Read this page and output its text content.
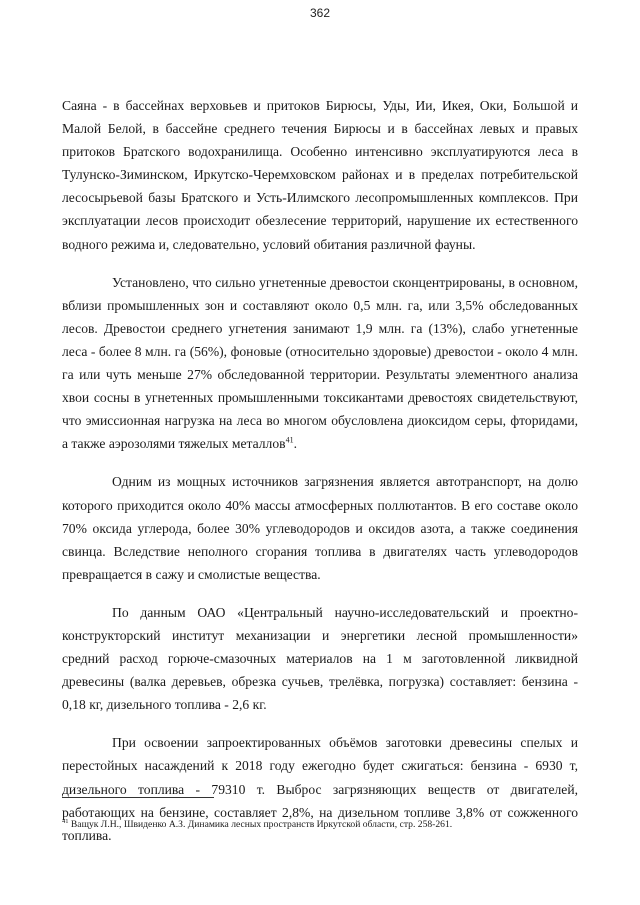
362

Саяна - в бассейнах верховьев и притоков Бирюсы, Уды, Ии, Икея, Оки, Большой и Малой Белой, в бассейне среднего течения Бирюсы и в бассейнах левых и правых притоков Братского водохранилища. Особенно интенсивно эксплуатируются леса в Тулунско-Зиминском, Иркутско-Черемховском районах и в пределах потребительской лесосырьевой базы Братского и Усть-Илимского лесопромышленных комплексов. При эксплуатации лесов происходит обезлесение территорий, нарушение их естественного водного режима и, следовательно, условий обитания различной фауны.

Установлено, что сильно угнетенные древостои сконцентрированы, в основном, вблизи промышленных зон и составляют около 0,5 млн. га, или 3,5% обследованных лесов. Древостои среднего угнетения занимают 1,9 млн. га (13%), слабо угнетенные леса - более 8 млн. га (56%), фоновые (относительно здоровые) древостои - около 4 млн. га или чуть меньше 27% обследованной территории. Результаты элементного анализа хвои сосны в угнетенных промышленными токсикантами древостоях свидетельствуют, что эмиссионная нагрузка на леса во многом обусловлена диоксидом серы, фторидами, а также аэрозолями тяжелых металлов$^{41}$.

Одним из мощных источников загрязнения является автотранспорт, на долю которого приходится около 40% массы атмосферных поллютантов. В его составе около 70% оксида углерода, более 30% углеводородов и оксидов азота, а также соединения свинца. Вследствие неполного сгорания топлива в двигателях часть углеводородов превращается в сажу и смолистые вещества.

По данным ОАО «Центральный научно-исследовательский и проектно-конструкторский институт механизации и энергетики лесной промышленности» средний расход горюче-смазочных материалов на 1 м заготовленной ликвидной древесины (валка деревьев, обрезка сучьев, трелёвка, погрузка) составляет: бензина - 0,18 кг, дизельного топлива - 2,6 кг.

При освоении запроектированных объёмов заготовки древесины спелых и перестойных насаждений к 2018 году ежегодно будет сжигаться: бензина - 6930 т, дизельного топлива - 79310 т. Выброс загрязняющих веществ от двигателей, работающих на бензине, составляет 2,8%, на дизельном топливе 3,8% от сожженного топлива.

$^{41}$ Ващук Л.Н., Швиденко А.З. Динамика лесных пространств Иркутской области, стр. 258-261.
